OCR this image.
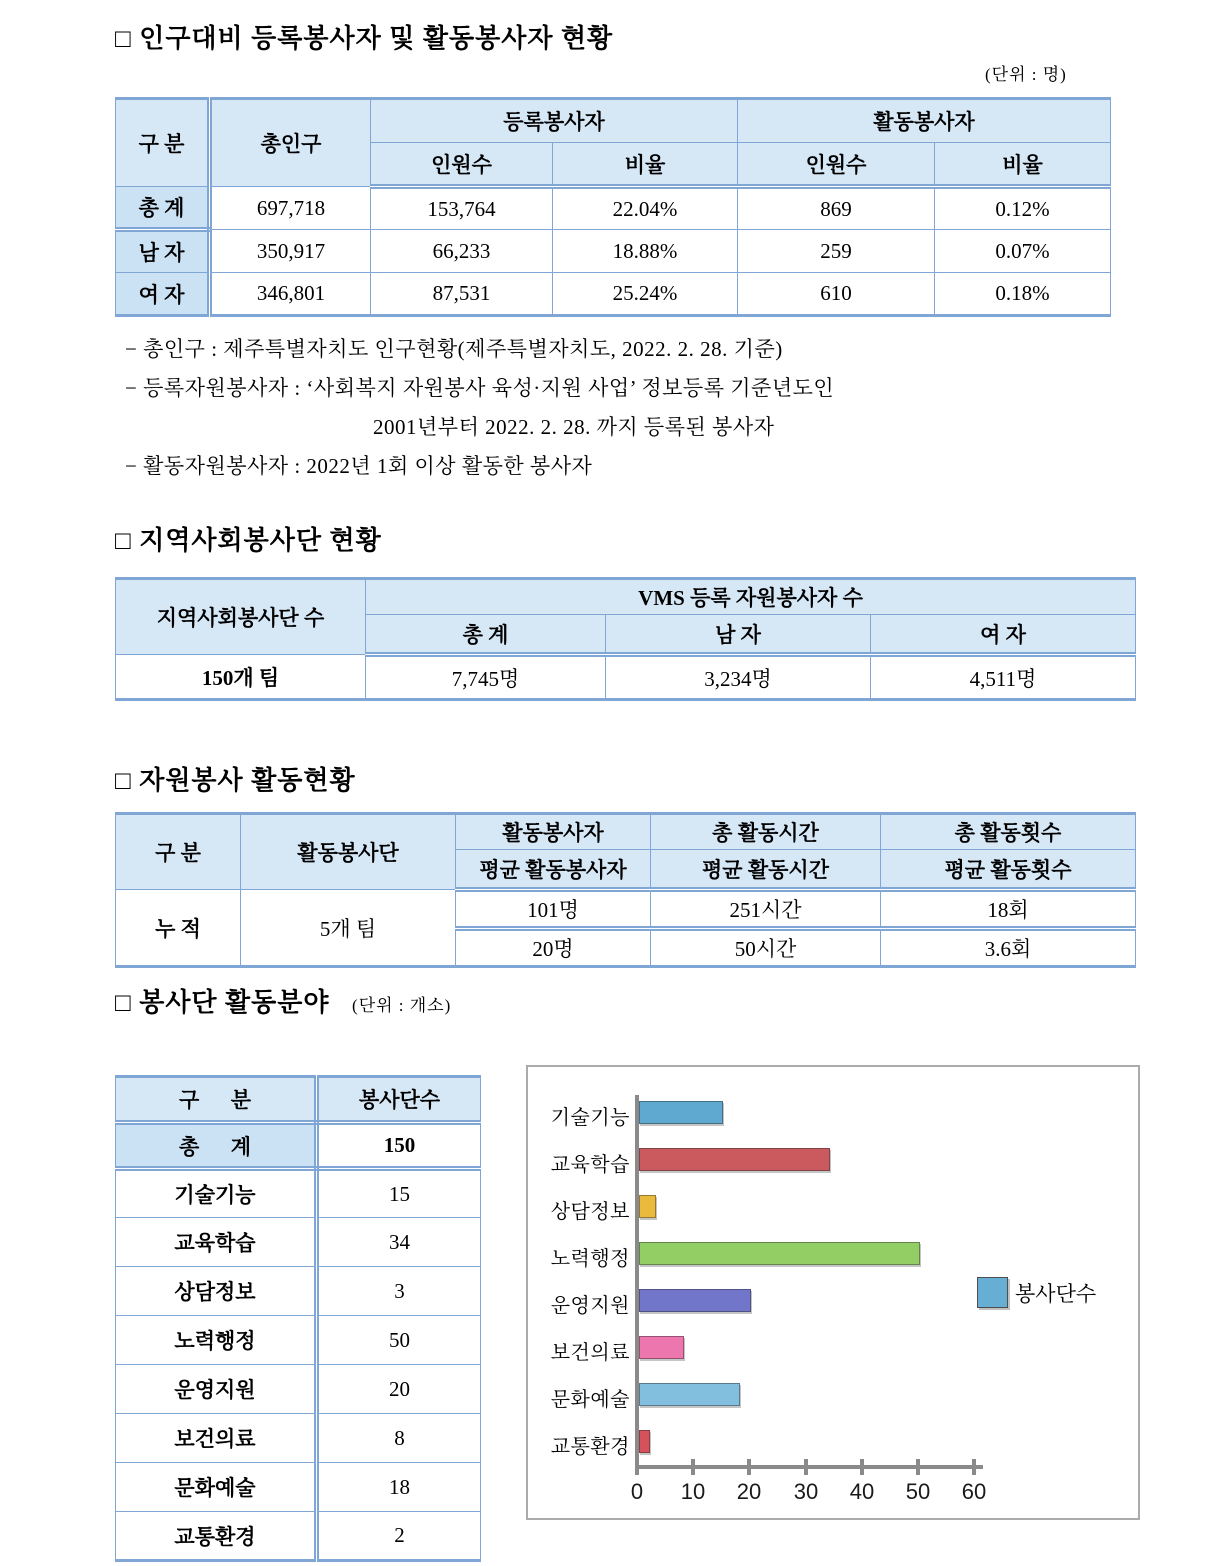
□ 인구대비 등록봉사자 및 활동봉사자 현황
(단위 : 명)
구 분	총인구	등록봉사자		활동봉사자	
		인원수	비율	인원수	비율
총 계	697,718	153,764	22.04%	869	0.12%
남 자	350,917	66,233	18.88%	259	0.07%
여 자	346,801	87,531	25.24%	610	0.18%
− 총인구 : 제주특별자치도 인구현황(제주특별자치도, 2022. 2. 28. 기준)
− 등록자원봉사자 : ‘사회복지 자원봉사 육성·지원 사업’ 정보등록 기준년도인
2001년부터 2022. 2. 28. 까지 등록된 봉사자
− 활동자원봉사자 : 2022년 1회 이상 활동한 봉사자
□ 지역사회봉사단 현황
지역사회봉사단 수	VMS 등록 자원봉사자 수		
	총 계	남 자	여 자
150개 팀	7,745명	3,234명	4,511명
□ 자원봉사 활동현황
구 분	활동봉사단	활동봉사자	총 활동시간	총 활동횟수
		평균 활동봉사자	평균 활동시간	평균 활동횟수
누 적	5개 팀	101명	251시간	18회
		20명	50시간	3.6회
□ 봉사단 활동분야 (단위 : 개소)
구      분	봉사단수
총      계	150
기술기능	15
교육학습	34
상담정보	3
노력행정	50
운영지원	20
보건의료	8
문화예술	18
교통환경	2
기술기능
교육학습
상담정보
노력행정
운영지원
보건의료
문화예술
교통환경
0	10	20	30	40	50	60
봉사단수
